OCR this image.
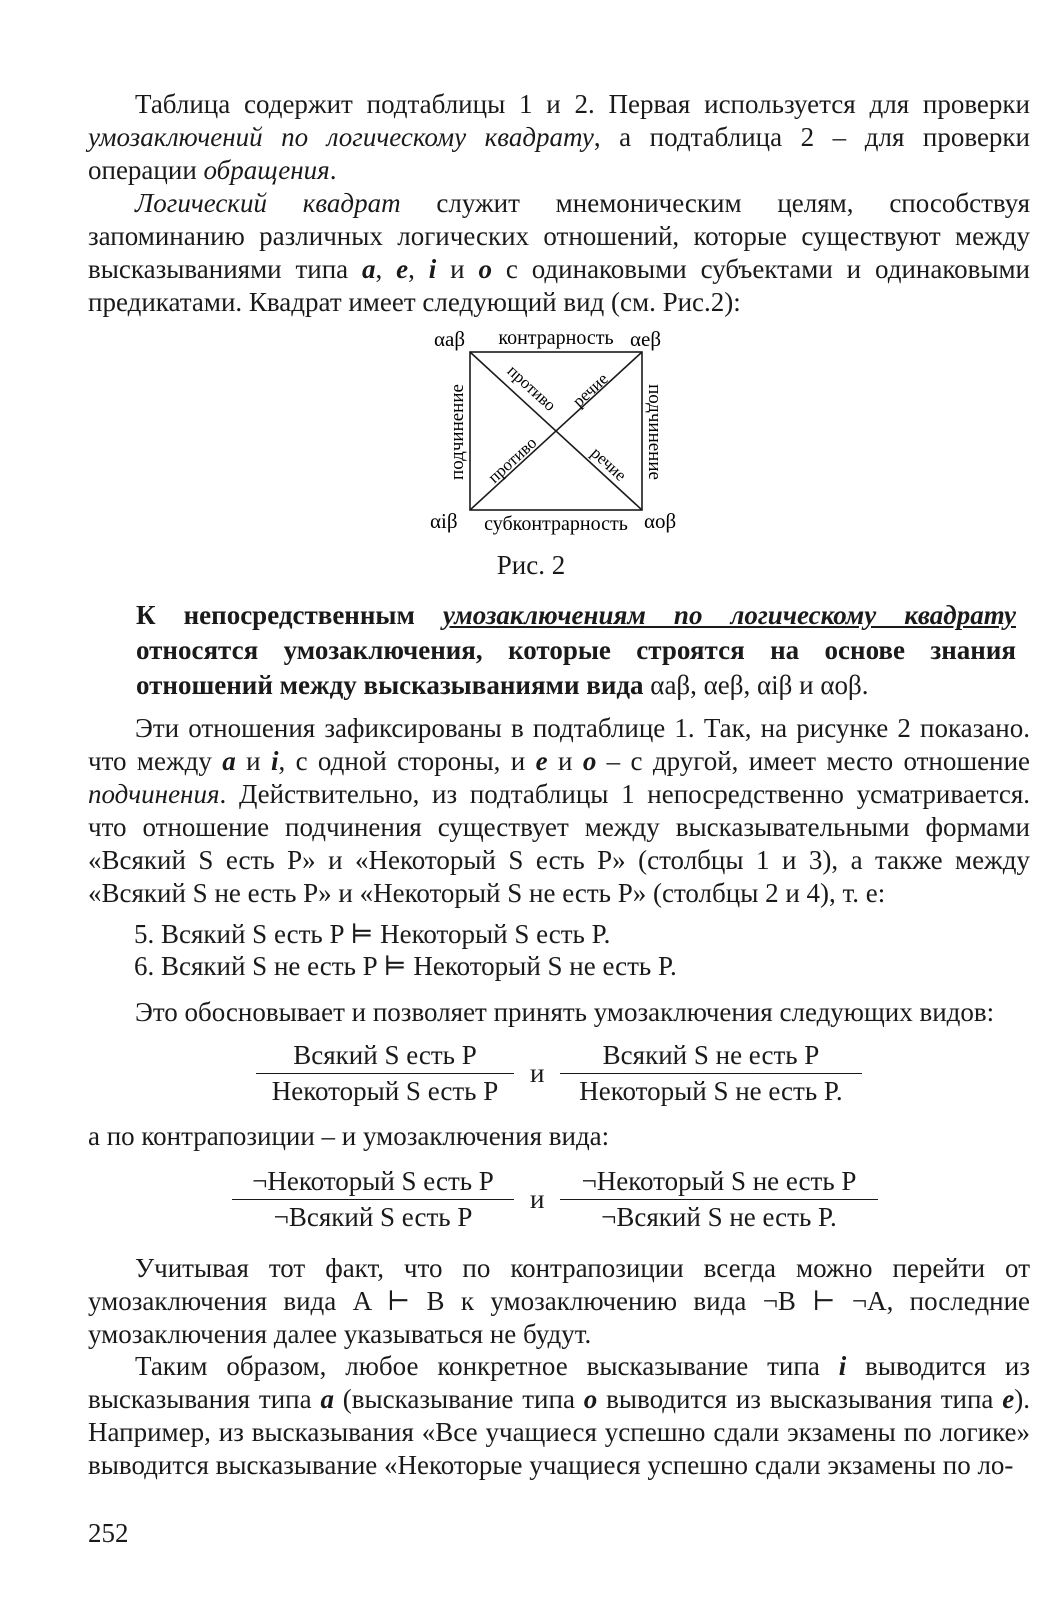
Таблица содержит подтаблицы 1 и 2. Первая используется для проверки умозаключений по логическому квадрату, а подтаблица 2 – для проверки операции обращения.

Логический квадрат служит мнемоническим целям, способствуя запоминанию различных логических отношений, которые существуют между высказываниями типа a, e, i и o с одинаковыми субъектами и одинаковыми предикатами. Квадрат имеет следующий вид (см. Рис.2):

αaβ	αeβ
αiβ	αoβ
контрарность
субконтрарность
подчинение	подчинение
противо
речие
противо
речие
Рис. 2

К непосредственным умозаключениям по логическому квадрату относятся умозаключения, которые строятся на основе знания отношений между высказываниями вида αaβ, αeβ, αiβ и αoβ.

Эти отношения зафиксированы в подтаблице 1. Так, на рисунке 2 показано. что между a и i, с одной стороны, и e и o – с другой, имеет место отношение подчинения. Действительно, из подтаблицы 1 непосредственно усматривается. что отношение подчинения существует между высказывательными формами «Всякий S есть P» и «Некоторый S есть P» (столбцы 1 и 3), а также между «Всякий S не есть P» и «Некоторый S не есть P» (столбцы 2 и 4), т. е:

5. Всякий S есть P ⊨ Некоторый S есть P.

6. Всякий S не есть P ⊨ Некоторый S не есть P.

Это обосновывает и позволяет принять умозаключения следующих видов:

Всякий S есть P
Некоторый S есть P
и
Всякий S не есть P
Некоторый S не есть P.

а по контрапозиции – и умозаключения вида:

¬Некоторый S есть P
¬Всякий S есть P
и
¬Некоторый S не есть P
¬Всякий S не есть P.

Учитывая тот факт, что по контрапозиции всегда можно перейти от умозаключения вида A ⊢ B к умозаключению вида ¬B ⊢ ¬A, последние умозаключения далее указываться не будут.

Таким образом, любое конкретное высказывание типа i выводится из высказывания типа a (высказывание типа o выводится из высказывания типа e). Например, из высказывания «Все учащиеся успешно сдали экзамены по логике» выводится высказывание «Некоторые учащиеся успешно сдали экзамены по ло-

252
